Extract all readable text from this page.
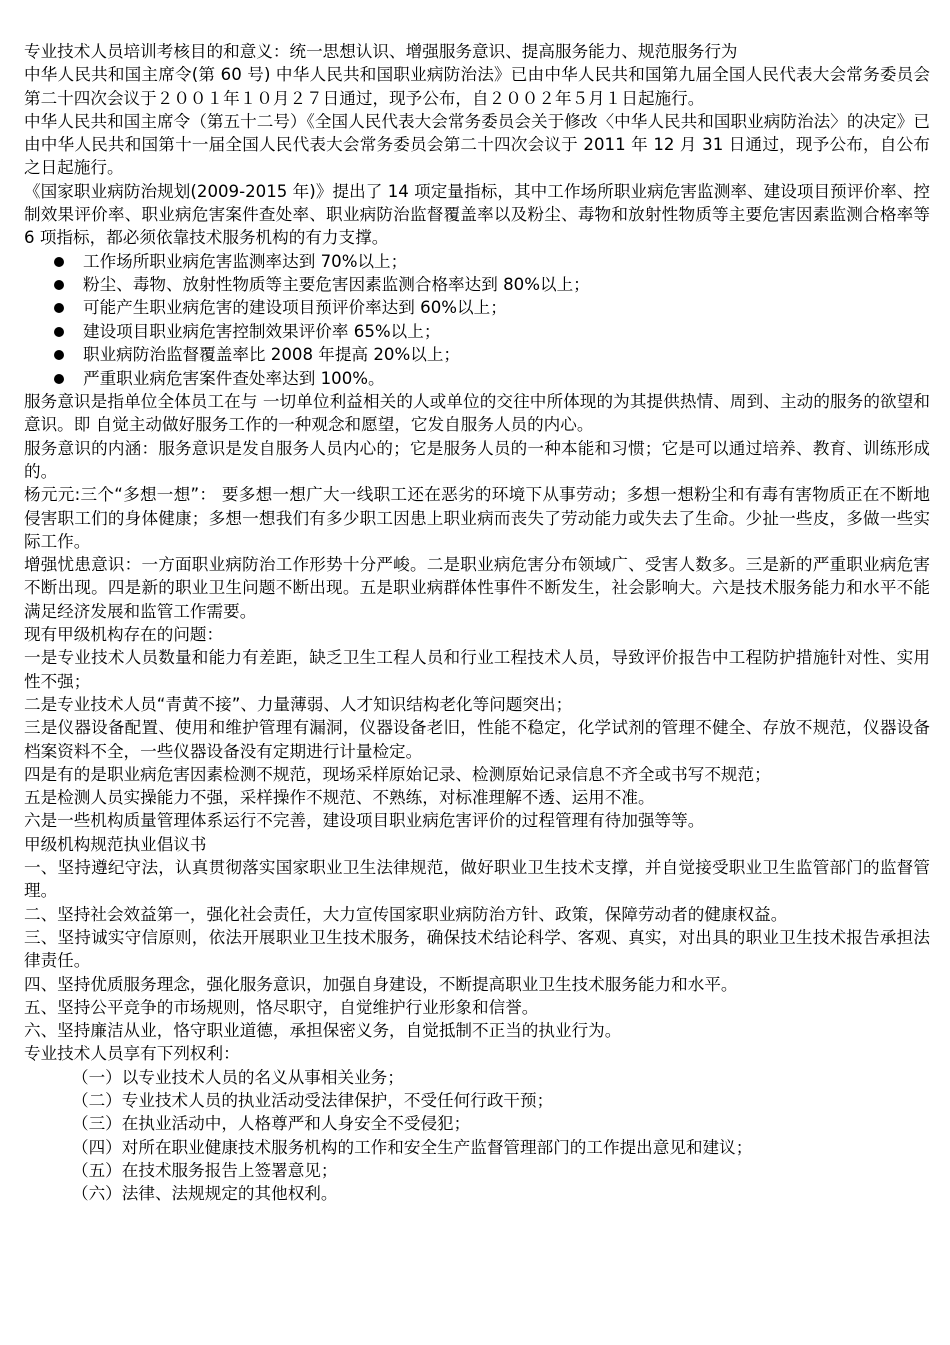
专业技术人员培训考核目的和意义：统一思想认识、增强服务意识、提高服务能力、规范服务行为

中华人民共和国主席令(第 60 号) 中华人民共和国职业病防治法》已由中华人民共和国第九届全国人民代表大会常务委员会第二十四次会议于２００１年１０月２７日通过，现予公布，自２００２年５月１日起施行。

中华人民共和国主席令（第五十二号）《全国人民代表大会常务委员会关于修改〈中华人民共和国职业病防治法〉的决定》已由中华人民共和国第十一届全国人民代表大会常务委员会第二十四次会议于 2011 年 12 月 31 日通过，现予公布，自公布之日起施行。

《国家职业病防治规划(2009-2015 年)》提出了 14 项定量指标，其中工作场所职业病危害监测率、建设项目预评价率、控制效果评价率、职业病危害案件查处率、职业病防治监督覆盖率以及粉尘、毒物和放射性物质等主要危害因素监测合格率等 6 项指标，都必须依靠技术服务机构的有力支撑。

工作场所职业病危害监测率达到 70%以上；
粉尘、毒物、放射性物质等主要危害因素监测合格率达到 80%以上；
可能产生职业病危害的建设项目预评价率达到 60%以上；
建设项目职业病危害控制效果评价率 65%以上；
职业病防治监督覆盖率比 2008 年提高 20%以上；
严重职业病危害案件查处率达到 100%。

服务意识是指单位全体员工在与 一切单位利益相关的人或单位的交往中所体现的为其提供热情、周到、主动的服务的欲望和意识。即 自觉主动做好服务工作的一种观念和愿望，它发自服务人员的内心。

服务意识的内涵：服务意识是发自服务人员内心的；它是服务人员的一种本能和习惯；它是可以通过培养、教育、训练形成的。

杨元元:三个“多想一想”： 要多想一想广大一线职工还在恶劣的环境下从事劳动；多想一想粉尘和有毒有害物质正在不断地侵害职工们的身体健康；多想一想我们有多少职工因患上职业病而丧失了劳动能力或失去了生命。少扯一些皮，多做一些实际工作。

增强忧患意识：一方面职业病防治工作形势十分严峻。二是职业病危害分布领域广、受害人数多。三是新的严重职业病危害不断出现。四是新的职业卫生问题不断出现。五是职业病群体性事件不断发生，社会影响大。六是技术服务能力和水平不能满足经济发展和监管工作需要。

现有甲级机构存在的问题：

一是专业技术人员数量和能力有差距，缺乏卫生工程人员和行业工程技术人员，导致评价报告中工程防护措施针对性、实用性不强；

二是专业技术人员“青黄不接”、力量薄弱、人才知识结构老化等问题突出；

三是仪器设备配置、使用和维护管理有漏洞，仪器设备老旧，性能不稳定，化学试剂的管理不健全、存放不规范，仪器设备档案资料不全，一些仪器设备没有定期进行计量检定。

四是有的是职业病危害因素检测不规范，现场采样原始记录、检测原始记录信息不齐全或书写不规范；

五是检测人员实操能力不强，采样操作不规范、不熟练，对标准理解不透、运用不准。

六是一些机构质量管理体系运行不完善，建设项目职业病危害评价的过程管理有待加强等等。

甲级机构规范执业倡议书

一、坚持遵纪守法，认真贯彻落实国家职业卫生法律规范，做好职业卫生技术支撑，并自觉接受职业卫生监管部门的监督管理。

二、坚持社会效益第一，强化社会责任，大力宣传国家职业病防治方针、政策，保障劳动者的健康权益。

三、坚持诚实守信原则，依法开展职业卫生技术服务，确保技术结论科学、客观、真实，对出具的职业卫生技术报告承担法律责任。

四、坚持优质服务理念，强化服务意识，加强自身建设，不断提高职业卫生技术服务能力和水平。

五、坚持公平竞争的市场规则，恪尽职守，自觉维护行业形象和信誉。

六、坚持廉洁从业，恪守职业道德，承担保密义务，自觉抵制不正当的执业行为。

专业技术人员享有下列权利：

（一）以专业技术人员的名义从事相关业务；
（二）专业技术人员的执业活动受法律保护，不受任何行政干预；
（三）在执业活动中，人格尊严和人身安全不受侵犯；
（四）对所在职业健康技术服务机构的工作和安全生产监督管理部门的工作提出意见和建议；
（五）在技术服务报告上签署意见；
（六）法律、法规规定的其他权利。
